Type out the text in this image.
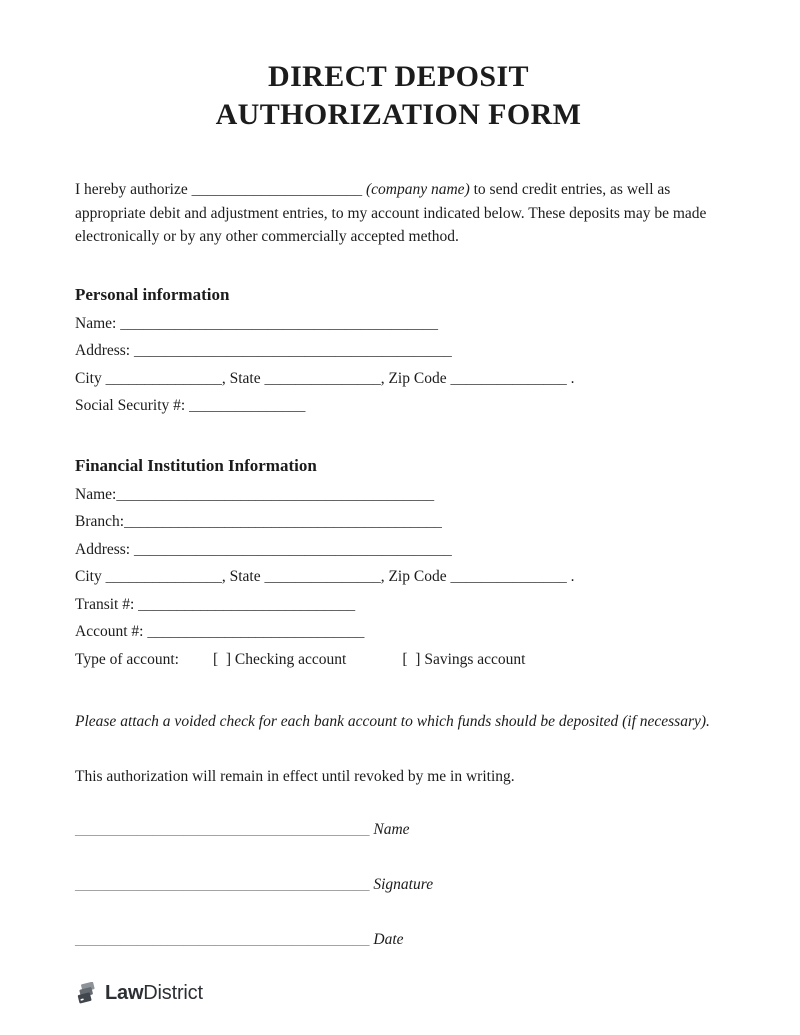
DIRECT DEPOSIT
AUTHORIZATION FORM

I hereby authorize ______________________ (company name) to send credit entries, as well as appropriate debit and adjustment entries, to my account indicated below. These deposits may be made electronically or by any other commercially accepted method.

Personal information

Name: _________________________________________

Address: _________________________________________

City _______________, State _______________, Zip Code _______________ .

Social Security #: _______________

Financial Institution Information

Name:_________________________________________

Branch:_________________________________________

Address: _________________________________________

City _______________, State _______________, Zip Code _______________ .

Transit #: ____________________________

Account #: ____________________________

Type of account: [  ] Checking account	[  ] Savings account

Please attach a voided check for each bank account to which funds should be deposited (if necessary).

This authorization will remain in effect until revoked by me in writing.

______________________________________ Name

______________________________________ Signature

______________________________________ Date

LawDistrict
